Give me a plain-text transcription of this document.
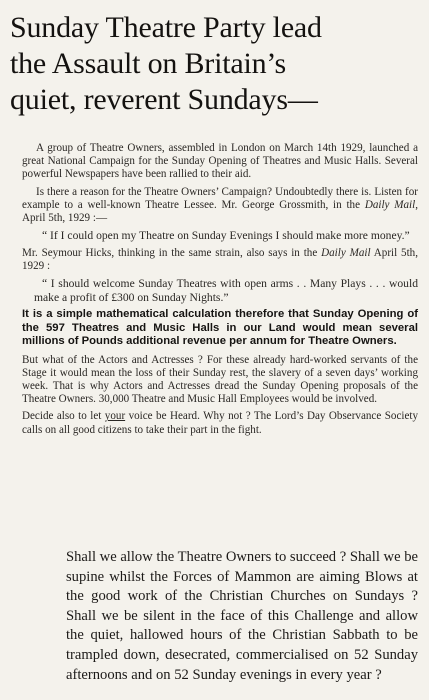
Sunday Theatre Party lead
the Assault on Britain’s
quiet, reverent Sundays—

A group of Theatre Owners, assembled in London on March 14th 1929, launched a great National Campaign for the Sunday Opening of Theatres and Music Halls. Several powerful Newspapers have been rallied to their aid.

Is there a reason for the Theatre Owners’ Campaign? Undoubtedly there is. Listen for example to a well-known Theatre Lessee. Mr. George Grossmith, in the Daily Mail, April 5th, 1929 :—

“ If I could open my Theatre on Sunday Evenings I should make more money.”

Mr. Seymour Hicks, thinking in the same strain, also says in the Daily Mail April 5th, 1929 :

“ I should welcome Sunday Theatres with open arms . . Many Plays . . . would make a profit of £300 on Sunday Nights.”

It is a simple mathematical calculation therefore that Sunday Opening of the 597 Theatres and Music Halls in our Land would mean several millions of Pounds additional revenue per annum for Theatre Owners.

But what of the Actors and Actresses ? For these already hard-worked servants of the Stage it would mean the loss of their Sunday rest, the slavery of a seven days’ working week. That is why Actors and Actresses dread the Sunday Opening proposals of the Theatre Owners. 30,000 Theatre and Music Hall Employees would be involved.

Decide also to let your voice be Heard. Why not ? The Lord’s Day Observance Society calls on all good citizens to take their part in the fight.

Shall we allow the Theatre Owners to succeed ? Shall we be supine whilst the Forces of Mammon are aiming Blows at the good work of the Christian Churches on Sundays ? Shall we be silent in the face of this Challenge and allow the quiet, hallowed hours of the Christian Sabbath to be trampled down, desecrated, commercialised on 52 Sunday afternoons and on 52 Sunday evenings in every year ?
